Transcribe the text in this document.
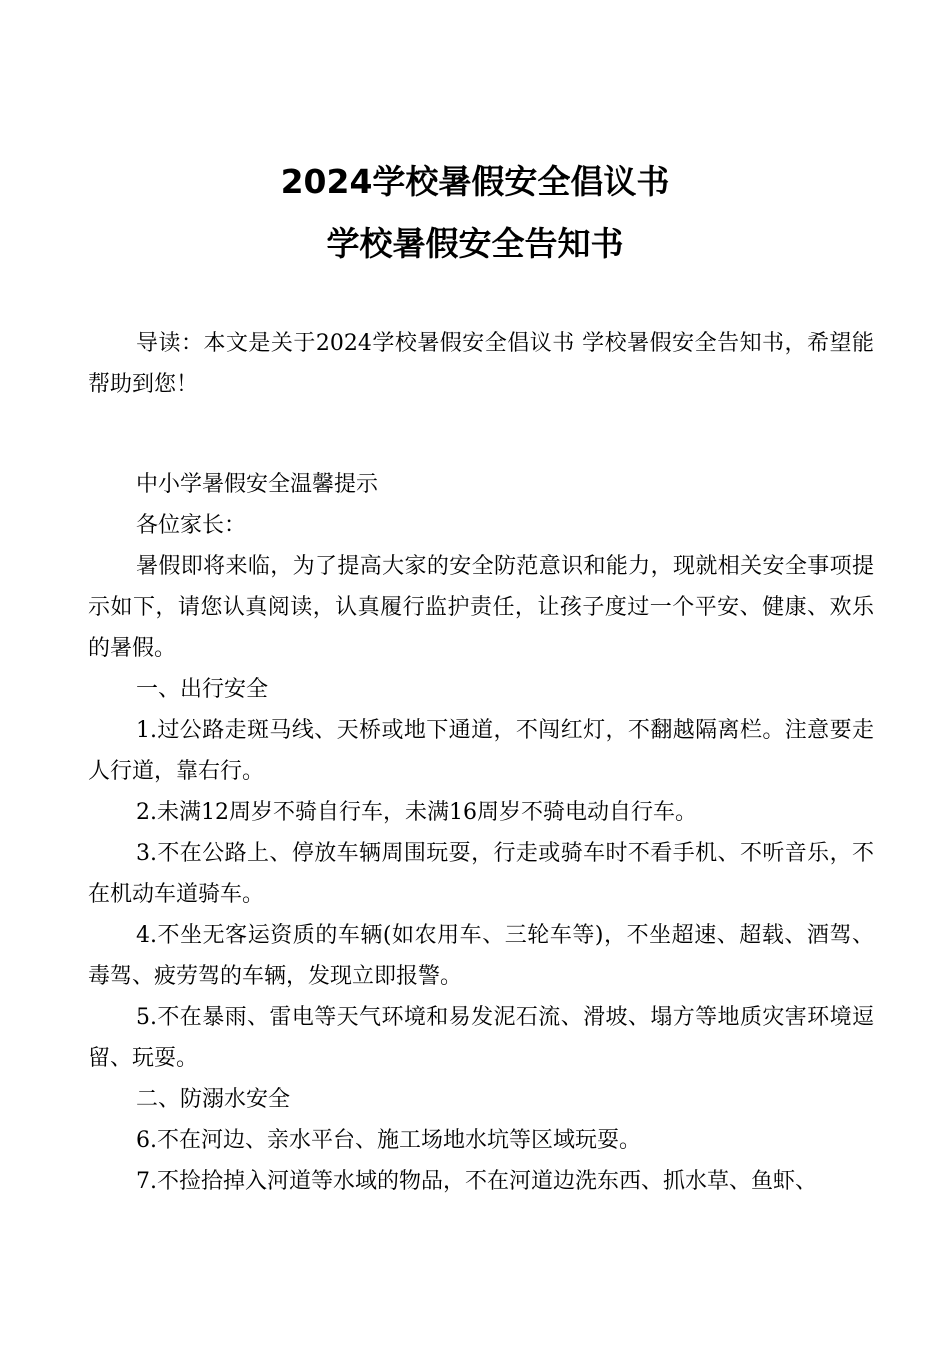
2024学校暑假安全倡议书
学校暑假安全告知书

导读：本文是关于2024学校暑假安全倡议书 学校暑假安全告知书，希望能帮助到您！

中小学暑假安全温馨提示

各位家长：

暑假即将来临，为了提高大家的安全防范意识和能力，现就相关安全事项提示如下，请您认真阅读，认真履行监护责任，让孩子度过一个平安、健康、欢乐的暑假。

一、出行安全

1.过公路走斑马线、天桥或地下通道，不闯红灯，不翻越隔离栏。注意要走人行道，靠右行。

2.未满12周岁不骑自行车，未满16周岁不骑电动自行车。

3.不在公路上、停放车辆周围玩耍，行走或骑车时不看手机、不听音乐，不在机动车道骑车。

4.不坐无客运资质的车辆(如农用车、三轮车等)，不坐超速、超载、酒驾、毒驾、疲劳驾的车辆，发现立即报警。

5.不在暴雨、雷电等天气环境和易发泥石流、滑坡、塌方等地质灾害环境逗留、玩耍。

二、防溺水安全

6.不在河边、亲水平台、施工场地水坑等区域玩耍。

7.不捡拾掉入河道等水域的物品，不在河道边洗东西、抓水草、鱼虾、
